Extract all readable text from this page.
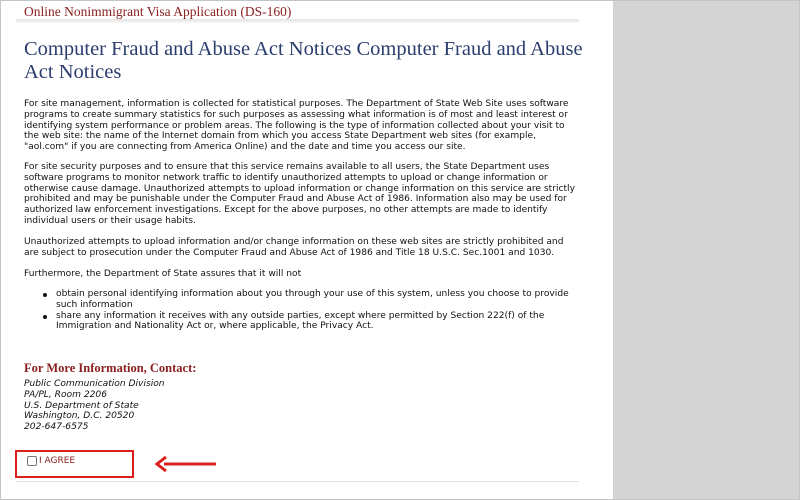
Online Nonimmigrant Visa Application (DS-160)
Computer Fraud and Abuse Act Notices Computer Fraud and Abuse Act Notices

For site management, information is collected for statistical purposes. The Department of State Web Site uses software programs to create summary statistics for such purposes as assessing what information is of most and least interest or identifying system performance or problem areas. The following is the type of information collected about your visit to the web site: the name of the Internet domain from which you access State Department web sites (for example, "aol.com" if you are connecting from America Online) and the date and time you access our site.

For site security purposes and to ensure that this service remains available to all users, the State Department uses software programs to monitor network traffic to identify unauthorized attempts to upload or change information or otherwise cause damage. Unauthorized attempts to upload information or change information on this service are strictly prohibited and may be punishable under the Computer Fraud and Abuse Act of 1986. Information also may be used for authorized law enforcement investigations. Except for the above purposes, no other attempts are made to identify individual users or their usage habits.

Unauthorized attempts to upload information and/or change information on these web sites are strictly prohibited and are subject to prosecution under the Computer Fraud and Abuse Act of 1986 and Title 18 U.S.C. Sec.1001 and 1030.

Furthermore, the Department of State assures that it will not

obtain personal identifying information about you through your use of this system, unless you choose to provide such information
share any information it receives with any outside parties, except where permitted by Section 222(f) of the Immigration and Nationality Act or, where applicable, the Privacy Act.
For More Information, Contact:
Public Communication Division
PA/PL, Room 2206
U.S. Department of State
Washington, D.C. 20520
202-647-6575
I AGREE
